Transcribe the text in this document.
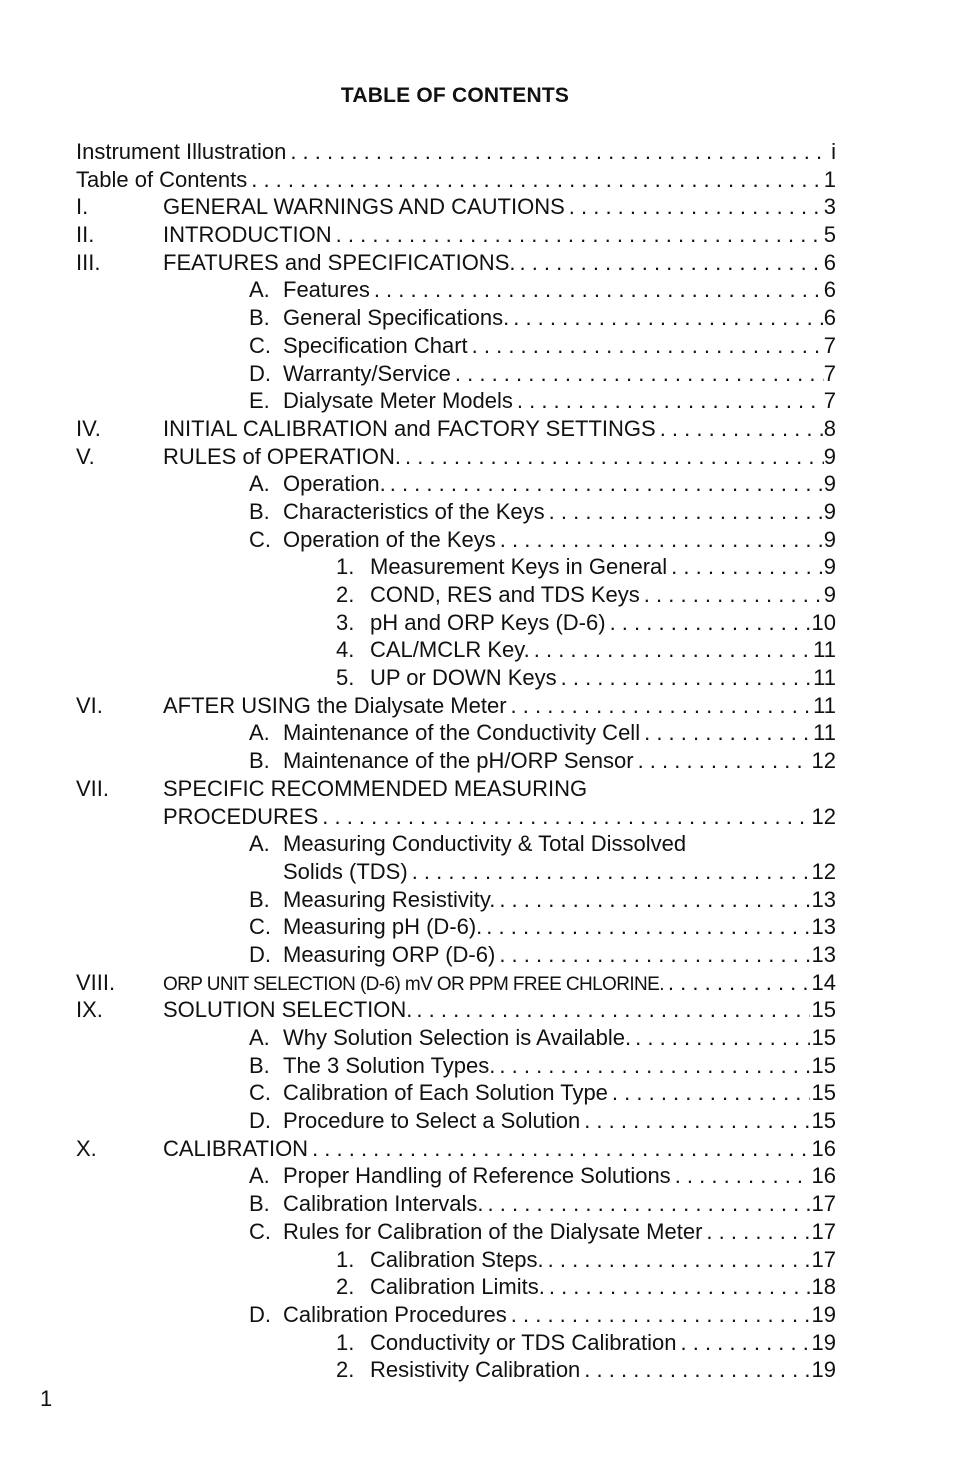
TABLE OF CONTENTS
Instrument Illustration . . .	i
Table of Contents . . .	1
I.	GENERAL WARNINGS AND CAUTIONS . . .	3
II.	INTRODUCTION . . .	5
III.	FEATURES and SPECIFICATIONS. . . .	6
A. Features . . .	6
B. General Specifications. . . .	6
C. Specification Chart . . .	7
D. Warranty/Service . . .	7
E. Dialysate Meter Models . . .	7
IV.	INITIAL CALIBRATION and FACTORY SETTINGS . . .	8
V.	RULES of OPERATION. . . .	9
A. Operation. . . .	9
B. Characteristics of the Keys . . .	9
C. Operation of the Keys . . .	9
1. Measurement Keys in General . . .	9
2. COND, RES and TDS Keys . . .	9
3. pH and ORP Keys (D-6) . . .	10
4. CAL/MCLR Key. . . .	11
5. UP or DOWN Keys . . .	11
VI.	AFTER USING the Dialysate Meter . . .	11
A. Maintenance of the Conductivity Cell . . .	11
B. Maintenance of the pH/ORP Sensor . . .	12
VII. SPECIFIC RECOMMENDED MEASURING
PROCEDURES . . .	12
A. Measuring Conductivity & Total Dissolved
Solids (TDS) . . .	12
B. Measuring Resistivity. . . .	13
C. Measuring pH (D-6). . . .	13
D. Measuring ORP (D-6) . . .	13
VIII.	ORP UNIT SELECTION (D-6) mV OR PPM FREE CHLORINE. . . .	14
IX.	SOLUTION SELECTION. . . .	15
A. Why Solution Selection is Available. . . .	15
B. The 3 Solution Types. . . .	15
C. Calibration of Each Solution Type . . .	15
D. Procedure to Select a Solution . . .	15
X.	CALIBRATION . . .	16
A. Proper Handling of Reference Solutions . . .	16
B. Calibration Intervals. . . .	17
C. Rules for Calibration of the Dialysate Meter . . .	17
1. Calibration Steps. . . .	17
2. Calibration Limits. . . .	18
D. Calibration Procedures . . .	19
1. Conductivity or TDS Calibration . . .	19
2. Resistivity Calibration . . .	19
1
